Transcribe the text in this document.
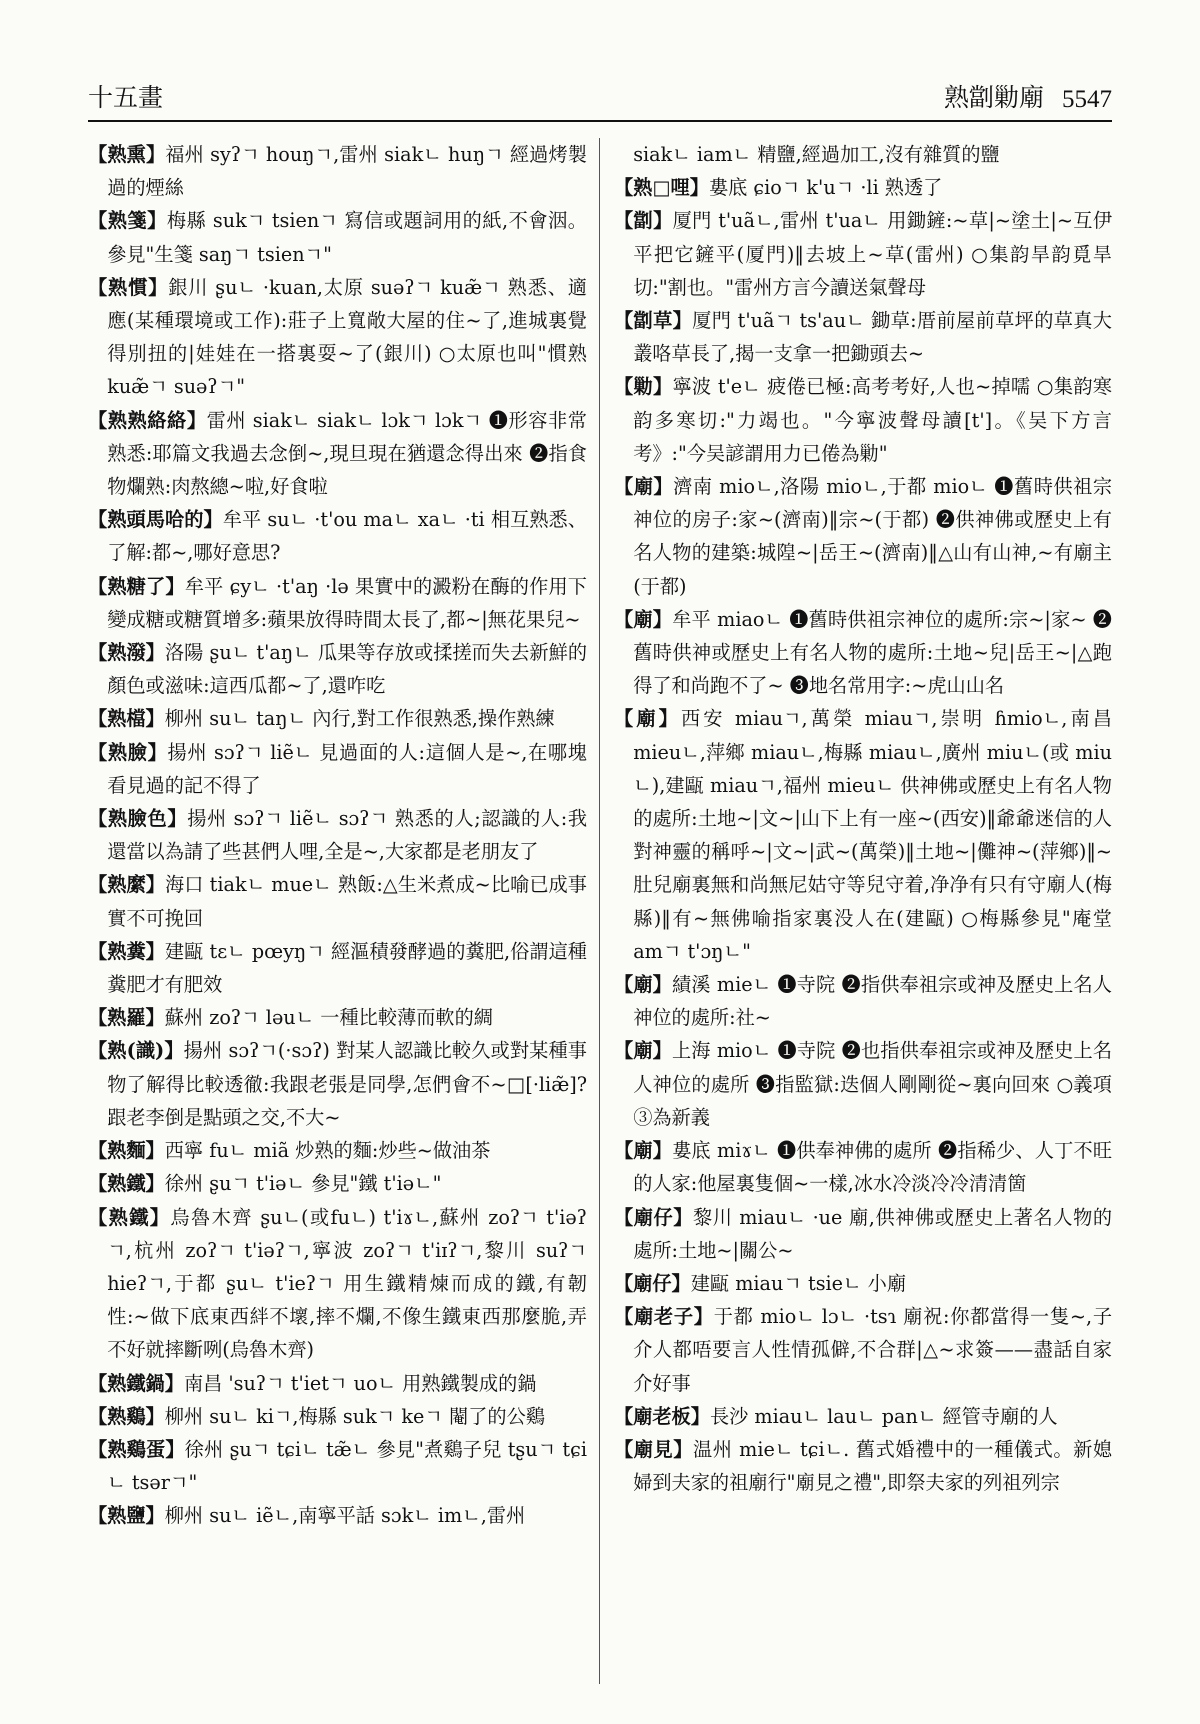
十五畫	熟劏勦廟 5547

【熟熏】福州 syʔㄱ houŋㄱ,雷州 siakㄴ huŋㄱ 經過烤製過的煙絲

【熟箋】梅縣 sukㄱ tsienㄱ 寫信或題詞用的紙,不會洇。參見"生箋 saŋㄱ tsienㄱ"

【熟慣】銀川 ʂuㄴ ·kuan,太原 suəʔㄱ kuæ̃ㄱ 熟悉、適應(某種環境或工作):莊子上寬敞大屋的住~了,進城裏覺得別扭的|娃娃在一搭裏耍~了(銀川) ○太原也叫"慣熟 kuæ̃ㄱ suəʔㄱ"

【熟熟絡絡】雷州 siakㄴ siakㄴ lɔkㄱ lɔkㄱ ❶形容非常熟悉:耶篇文我過去念倒~,現旦現在猶還念得出來 ❷指食物爛熟:肉熬總~啦,好食啦

【熟頭馬哈的】牟平 suㄴ ·t'ou maㄴ xaㄴ ·ti 相互熟悉、了解:都~,哪好意思?

【熟糖了】牟平 ɕyㄴ ·t'aŋ ·lə 果實中的澱粉在酶的作用下變成糖或糖質增多:蘋果放得時間太長了,都~|無花果兒~

【熟潑】洛陽 ʂuㄴ t'aŋㄴ 瓜果等存放或揉搓而失去新鮮的顏色或滋味:這西瓜都~了,還咋吃

【熟檔】柳州 suㄴ taŋㄴ 內行,對工作很熟悉,操作熟練

【熟臉】揚州 sɔʔㄱ liẽㄴ 見過面的人:這個人是~,在哪塊看見過的記不得了

【熟臉色】揚州 sɔʔㄱ liẽㄴ sɔʔㄱ 熟悉的人;認識的人:我還當以為請了些甚們人哩,全是~,大家都是老朋友了

【熟縻】海口 tiakㄴ mueㄴ 熟飯:△生米煮成~比喻已成事實不可挽回

【熟糞】建甌 tɛㄴ pœyŋㄱ 經漚積發酵過的糞肥,俗謂這種糞肥才有肥效

【熟羅】蘇州 zoʔㄱ ləuㄴ 一種比較薄而軟的綢

【熟(識)】揚州 sɔʔㄱ(·sɔʔ) 對某人認識比較久或對某種事物了解得比較透徹:我跟老張是同學,怎們會不~□[·liæ̃]? 跟老李倒是點頭之交,不大~

【熟麵】西寧 fuㄴ miã 炒熟的麵:炒些~做油茶

【熟鐵】徐州 ʂuㄱ t'iəㄴ 參見"鐵 t'iəㄴ"

【熟鐵】烏魯木齊 ʂuㄴ(或fuㄴ) t'iɤㄴ,蘇州 zoʔㄱ t'iəʔㄱ,杭州 zoʔㄱ t'iəʔㄱ,寧波 zoʔㄱ t'iɪʔㄱ,黎川 suʔㄱ hieʔㄱ,于都 ʂuㄴ t'ieʔㄱ 用生鐵精煉而成的鐵,有韌性:~做下底東西絆不壞,摔不爛,不像生鐵東西那麼脆,弄不好就摔斷咧(烏魯木齊)

【熟鐵鍋】南昌 'suʔㄱ t'ietㄱ uoㄴ 用熟鐵製成的鍋

【熟鷄】柳州 suㄴ kiㄱ,梅縣 sukㄱ keㄱ 閹了的公鷄

【熟鷄蛋】徐州 ʂuㄱ tɕiㄴ tæ̃ㄴ 參見"煮鷄子兒 tʂuㄱ tɕiㄴ tsərㄱ"

【熟鹽】柳州 suㄴ iẽㄴ,南寧平話 sɔkㄴ imㄴ,雷州

siakㄴ iamㄴ 精鹽,經過加工,沒有雜質的鹽

【熟□哩】婁底 ɕioㄱ k'uㄱ ·li 熟透了

【劏】厦門 t'uãㄴ,雷州 t'uaㄴ 用鋤鏟:~草|~塗土|~互伊平把它鏟平(厦門)‖去坡上~草(雷州) ○集韵旱韵覓旱切:"割也。"雷州方言今讀送氣聲母

【劏草】厦門 t'uãㄱ ts'auㄴ 鋤草:厝前屋前草坪的草真大叢咯草長了,揭一支拿一把鋤頭去~

【勦】寧波 t'eㄴ 疲倦已極:高考考好,人也~掉嚅 ○集韵寒韵多寒切:"力竭也。"今寧波聲母讀[t']。《吴下方言考》:"今吴諺謂用力已倦為勦"

【廟】濟南 mioㄴ,洛陽 mioㄴ,于都 mioㄴ ❶舊時供祖宗神位的房子:家~(濟南)‖宗~(于都) ❷供神佛或歷史上有名人物的建築:城隍~|岳王~(濟南)‖△山有山神,~有廟主(于都)

【廟】牟平 miaoㄴ ❶舊時供祖宗神位的處所:宗~|家~ ❷舊時供神或歷史上有名人物的處所:土地~兒|岳王~|△跑得了和尚跑不了~ ❸地名常用字:~虎山山名

【廟】西安 miauㄱ,萬榮 miauㄱ,崇明 ɦmioㄴ,南昌 mieuㄴ,萍鄉 miauㄴ,梅縣 miauㄴ,廣州 miuㄴ(或 miuㄴ),建甌 miauㄱ,福州 mieuㄴ 供神佛或歷史上有名人物的處所:土地~|文~|山下上有一座~(西安)‖爺爺迷信的人對神靈的稱呼~|文~|武~(萬榮)‖土地~|儺神~(萍鄉)‖~肚兒廟裏無和尚無尼姑守等兒守着,净净有只有守廟人(梅縣)‖有~無佛喻指家裏没人在(建甌) ○梅縣參見"庵堂 amㄱ t'ɔŋㄴ"

【廟】績溪 mieㄴ ❶寺院 ❷指供奉祖宗或神及歷史上名人神位的處所:社~

【廟】上海 mioㄴ ❶寺院 ❷也指供奉祖宗或神及歷史上名人神位的處所 ❸指監獄:迭個人剛剛從~裏向回來 ○義項③為新義

【廟】婁底 miɤㄴ ❶供奉神佛的處所 ❷指稀少、人丁不旺的人家:他屋裏隻個~一樣,冰水冷淡冷冷清清箇

【廟仔】黎川 miauㄴ ·ue 廟,供神佛或歷史上著名人物的處所:土地~|關公~

【廟仔】建甌 miauㄱ tsieㄴ 小廟

【廟老子】于都 mioㄴ lɔㄴ ·tsɿ 廟祝:你都當得一隻~,子介人都唔要言人性情孤僻,不合群|△~求簽——盡話自家介好事

【廟老板】長沙 miauㄴ lauㄴ panㄴ 經管寺廟的人

【廟見】温州 mieㄴ tɕiㄴ. 舊式婚禮中的一種儀式。新媳婦到夫家的祖廟行"廟見之禮",即祭夫家的列祖列宗
